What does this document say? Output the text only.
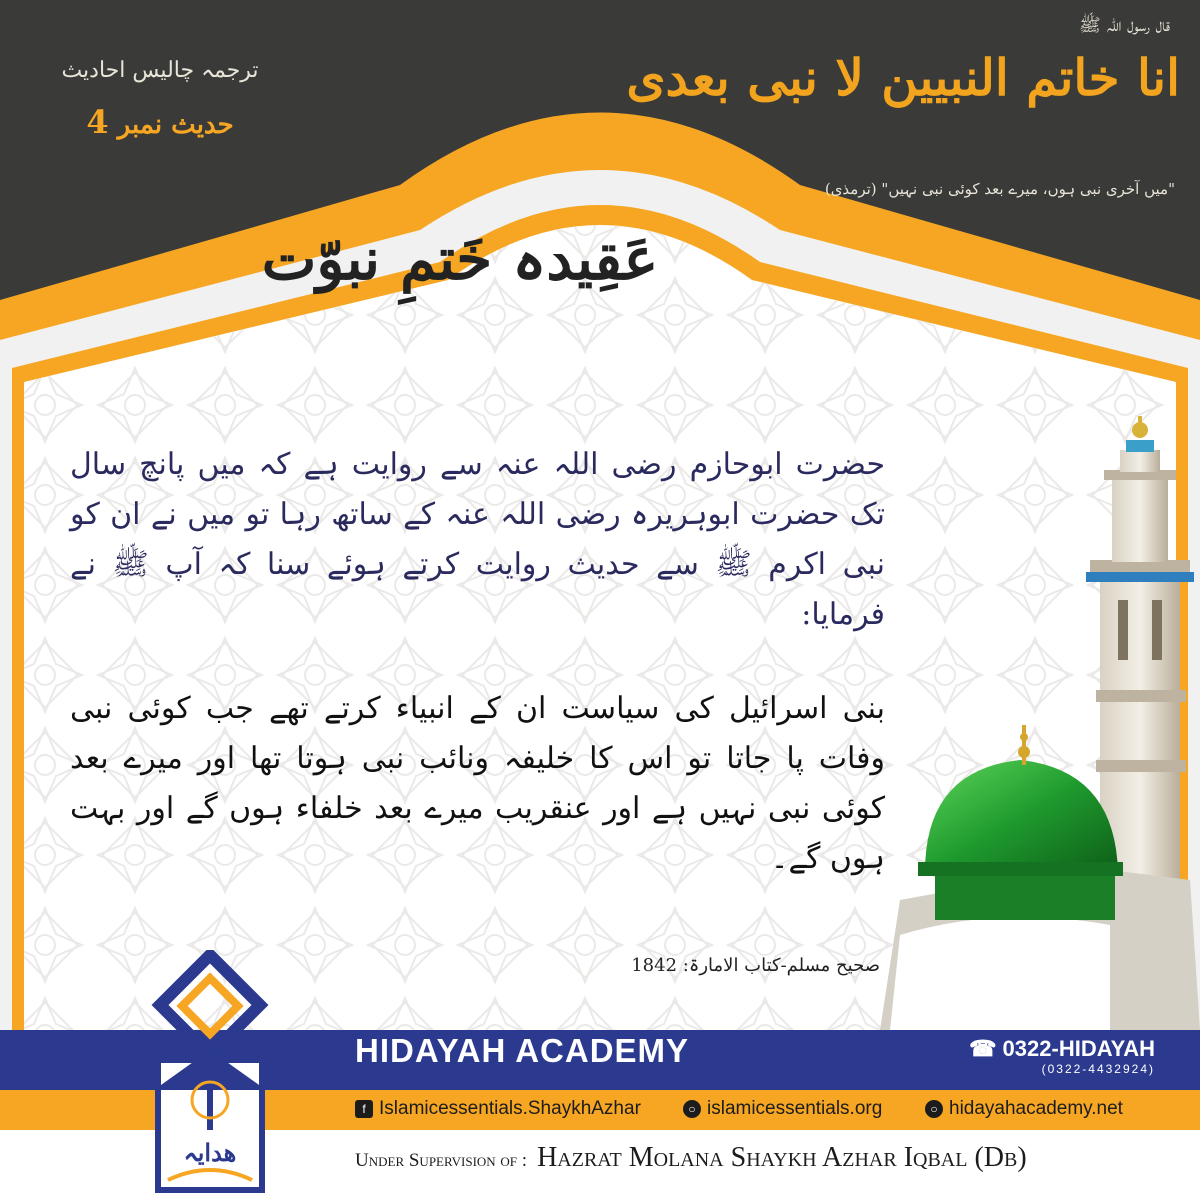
ترجمہ چالیس احادیث
حدیث نمبر 4
قال رسول اللہ ﷺ
انا خاتم النبیین لا نبی بعدی
"میں آخری نبی ہوں، میرے بعد کوئی نبی نہیں" (ترمذی)
عَقِیدہ خَتمِ نبوّت
حضرت ابوحازم رضی اللہ عنہ سے روایت ہے کہ میں پانچ سال تک حضرت ابوہریرہ رضی اللہ عنہ کے ساتھ رہا تو میں نے ان کو نبی اکرم ﷺ سے حدیث روایت کرتے ہوئے سنا کہ آپ ﷺ نے فرمایا:
بنی اسرائیل کی سیاست ان کے انبیاء کرتے تھے جب کوئی نبی وفات پا جاتا تو اس کا خلیفہ ونائب نبی ہوتا تھا اور میرے بعد کوئی نبی نہیں ہے اور عنقریب میرے بعد خلفاء ہوں گے اور بہت ہوں گے۔
صحیح مسلم-کتاب الامارۃ: 1842
ھدایہ
HIDAYAH ACADEMY	☎ 0322-HIDAYAH
(0322-4432924)
f Islamicessentials.ShaykhAzhar	○ islamicessentials.org	○ hidayahacademy.net
Under Supervision of : Hazrat Molana Shaykh Azhar Iqbal (Db)
